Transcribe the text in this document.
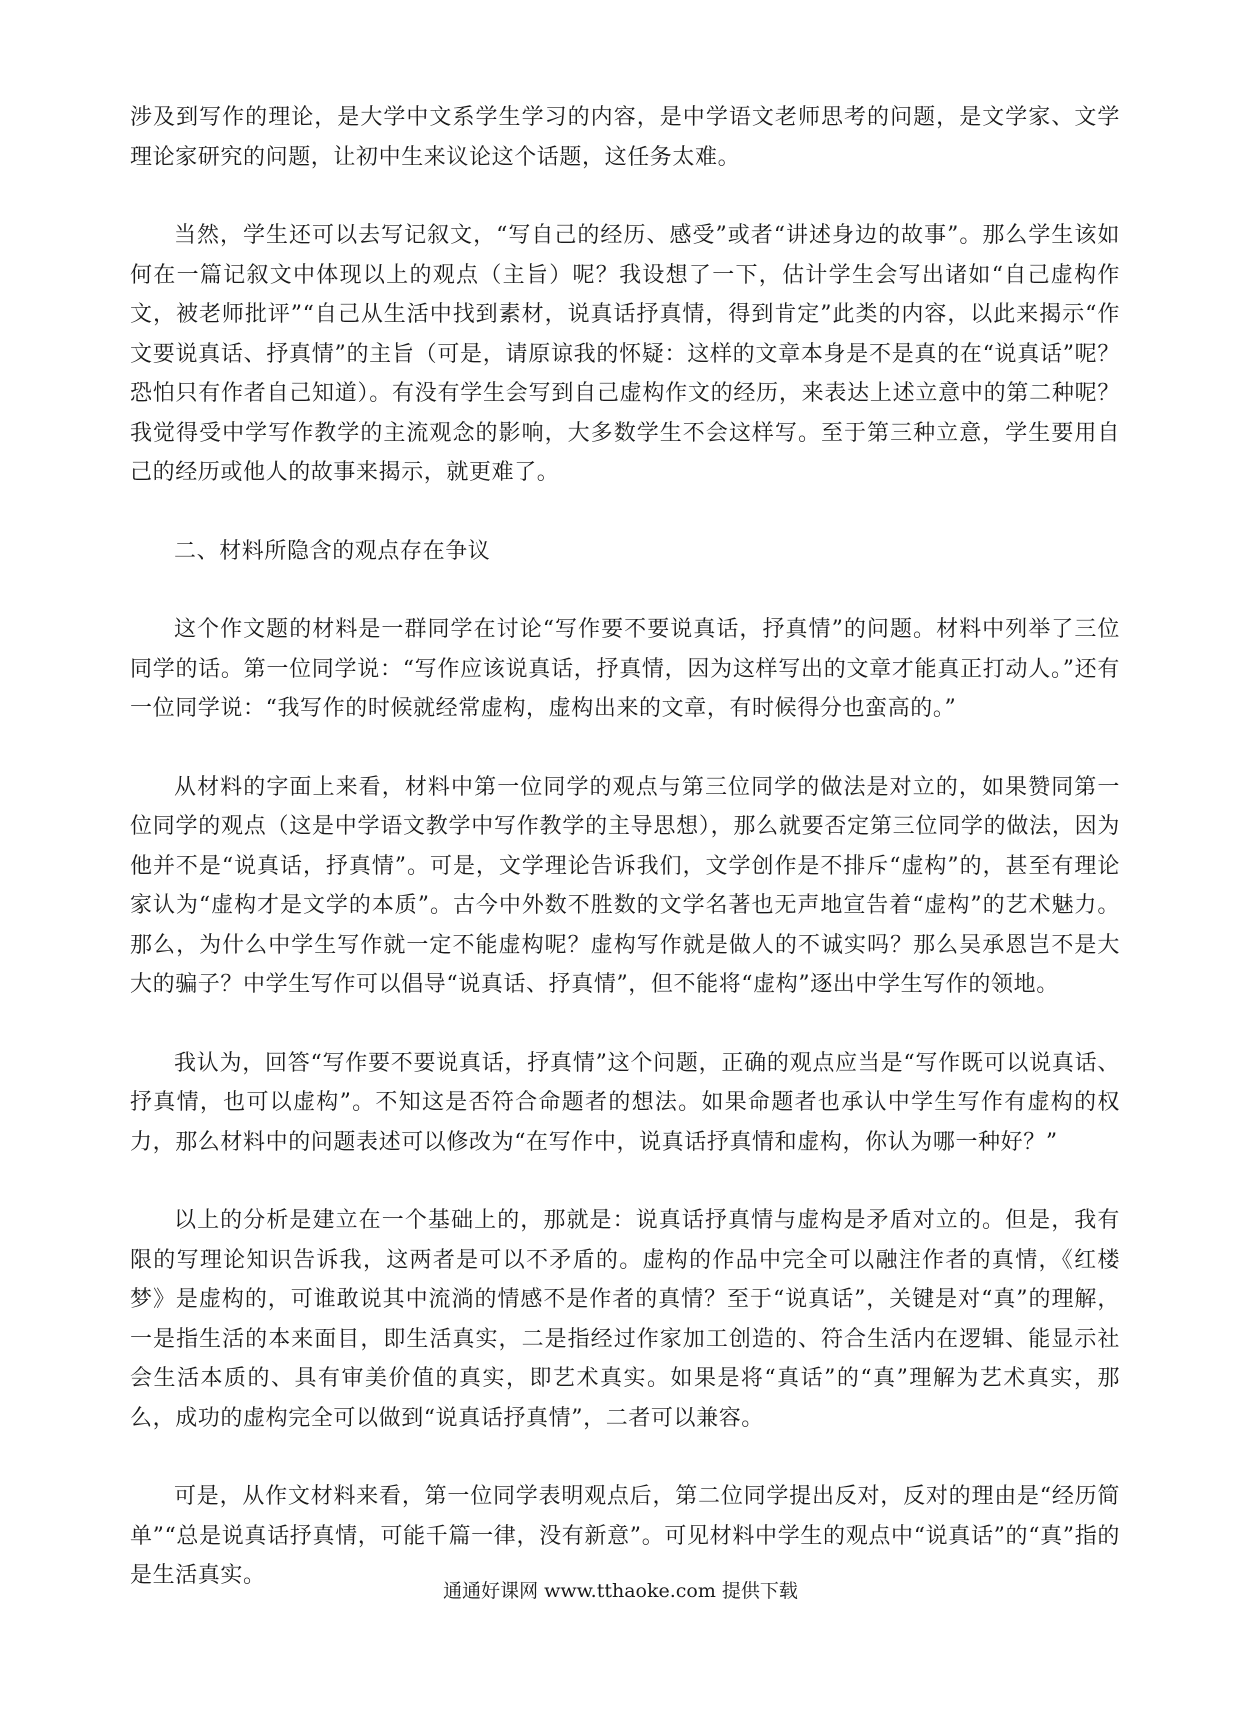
涉及到写作的理论，是大学中文系学生学习的内容，是中学语文老师思考的问题，是文学家、文学理论家研究的问题，让初中生来议论这个话题，这任务太难。

当然，学生还可以去写记叙文，“写自己的经历、感受”或者“讲述身边的故事”。那么学生该如何在一篇记叙文中体现以上的观点（主旨）呢？我设想了一下，估计学生会写出诸如“自己虚构作文，被老师批评”“自己从生活中找到素材，说真话抒真情，得到肯定”此类的内容，以此来揭示“作文要说真话、抒真情”的主旨（可是，请原谅我的怀疑：这样的文章本身是不是真的在“说真话”呢？恐怕只有作者自己知道）。有没有学生会写到自己虚构作文的经历，来表达上述立意中的第二种呢？我觉得受中学写作教学的主流观念的影响，大多数学生不会这样写。至于第三种立意，学生要用自己的经历或他人的故事来揭示，就更难了。

二、材料所隐含的观点存在争议

这个作文题的材料是一群同学在讨论“写作要不要说真话，抒真情”的问题。材料中列举了三位同学的话。第一位同学说：“写作应该说真话，抒真情，因为这样写出的文章才能真正打动人。”还有一位同学说：“我写作的时候就经常虚构，虚构出来的文章，有时候得分也蛮高的。”

从材料的字面上来看，材料中第一位同学的观点与第三位同学的做法是对立的，如果赞同第一位同学的观点（这是中学语文教学中写作教学的主导思想），那么就要否定第三位同学的做法，因为他并不是“说真话，抒真情”。可是，文学理论告诉我们，文学创作是不排斥“虚构”的，甚至有理论家认为“虚构才是文学的本质”。古今中外数不胜数的文学名著也无声地宣告着“虚构”的艺术魅力。那么，为什么中学生写作就一定不能虚构呢？虚构写作就是做人的不诚实吗？那么吴承恩岂不是大大的骗子？中学生写作可以倡导“说真话、抒真情”，但不能将“虚构”逐出中学生写作的领地。

我认为，回答“写作要不要说真话，抒真情”这个问题，正确的观点应当是“写作既可以说真话、抒真情，也可以虚构”。不知这是否符合命题者的想法。如果命题者也承认中学生写作有虚构的权力，那么材料中的问题表述可以修改为“在写作中，说真话抒真情和虚构，你认为哪一种好？”

以上的分析是建立在一个基础上的，那就是：说真话抒真情与虚构是矛盾对立的。但是，我有限的写理论知识告诉我，这两者是可以不矛盾的。虚构的作品中完全可以融注作者的真情，《红楼梦》是虚构的，可谁敢说其中流淌的情感不是作者的真情？至于“说真话”，关键是对“真”的理解，一是指生活的本来面目，即生活真实，二是指经过作家加工创造的、符合生活内在逻辑、能显示社会生活本质的、具有审美价值的真实，即艺术真实。如果是将“真话”的“真”理解为艺术真实，那么，成功的虚构完全可以做到“说真话抒真情”，二者可以兼容。

可是，从作文材料来看，第一位同学表明观点后，第二位同学提出反对，反对的理由是“经历简单”“总是说真话抒真情，可能千篇一律，没有新意”。可见材料中学生的观点中“说真话”的“真”指的是生活真实。

通通好课网 www.tthaoke.com 提供下载
